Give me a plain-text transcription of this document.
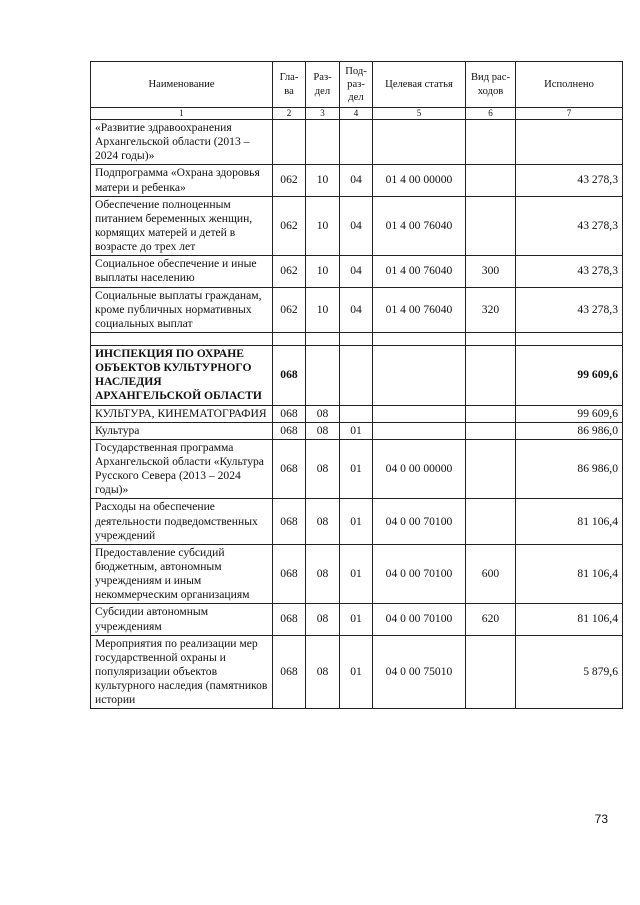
Наименование	Гла-ва	Раз-дел	Под-раз-дел	Целевая статья	Вид рас-ходов	Исполнено
1	2	3	4	5	6	7
«Развитие здравоохранения Архангельской области (2013 – 2024 годы)»						
Подпрограмма «Охрана здоровья матери и ребенка»	062	10	04	01 4 00 00000		43 278,3
Обеспечение полноценным питанием беременных женщин, кормящих матерей и детей в возрасте до трех лет	062	10	04	01 4 00 76040		43 278,3
Социальное обеспечение и иные выплаты населению	062	10	04	01 4 00 76040	300	43 278,3
Социальные выплаты гражданам, кроме публичных нормативных социальных выплат	062	10	04	01 4 00 76040	320	43 278,3

ИНСПЕКЦИЯ ПО ОХРАНЕ ОБЪЕКТОВ КУЛЬТУРНОГО НАСЛЕДИЯ АРХАНГЕЛЬСКОЙ ОБЛАСТИ	068					99 609,6
КУЛЬТУРА, КИНЕМАТОГРАФИЯ	068	08				99 609,6
Культура	068	08	01			86 986,0
Государственная программа Архангельской области «Культура Русского Севера (2013 – 2024 годы)»	068	08	01	04 0 00 00000		86 986,0
Расходы на обеспечение деятельности подведомственных учреждений	068	08	01	04 0 00 70100		81 106,4
Предоставление субсидий бюджетным, автономным учреждениям и иным некоммерческим организациям	068	08	01	04 0 00 70100	600	81 106,4
Субсидии автономным учреждениям	068	08	01	04 0 00 70100	620	81 106,4
Мероприятия по реализации мер государственной охраны и популяризации объектов культурного наследия (памятников истории	068	08	01	04 0 00 75010		5 879,6
73
